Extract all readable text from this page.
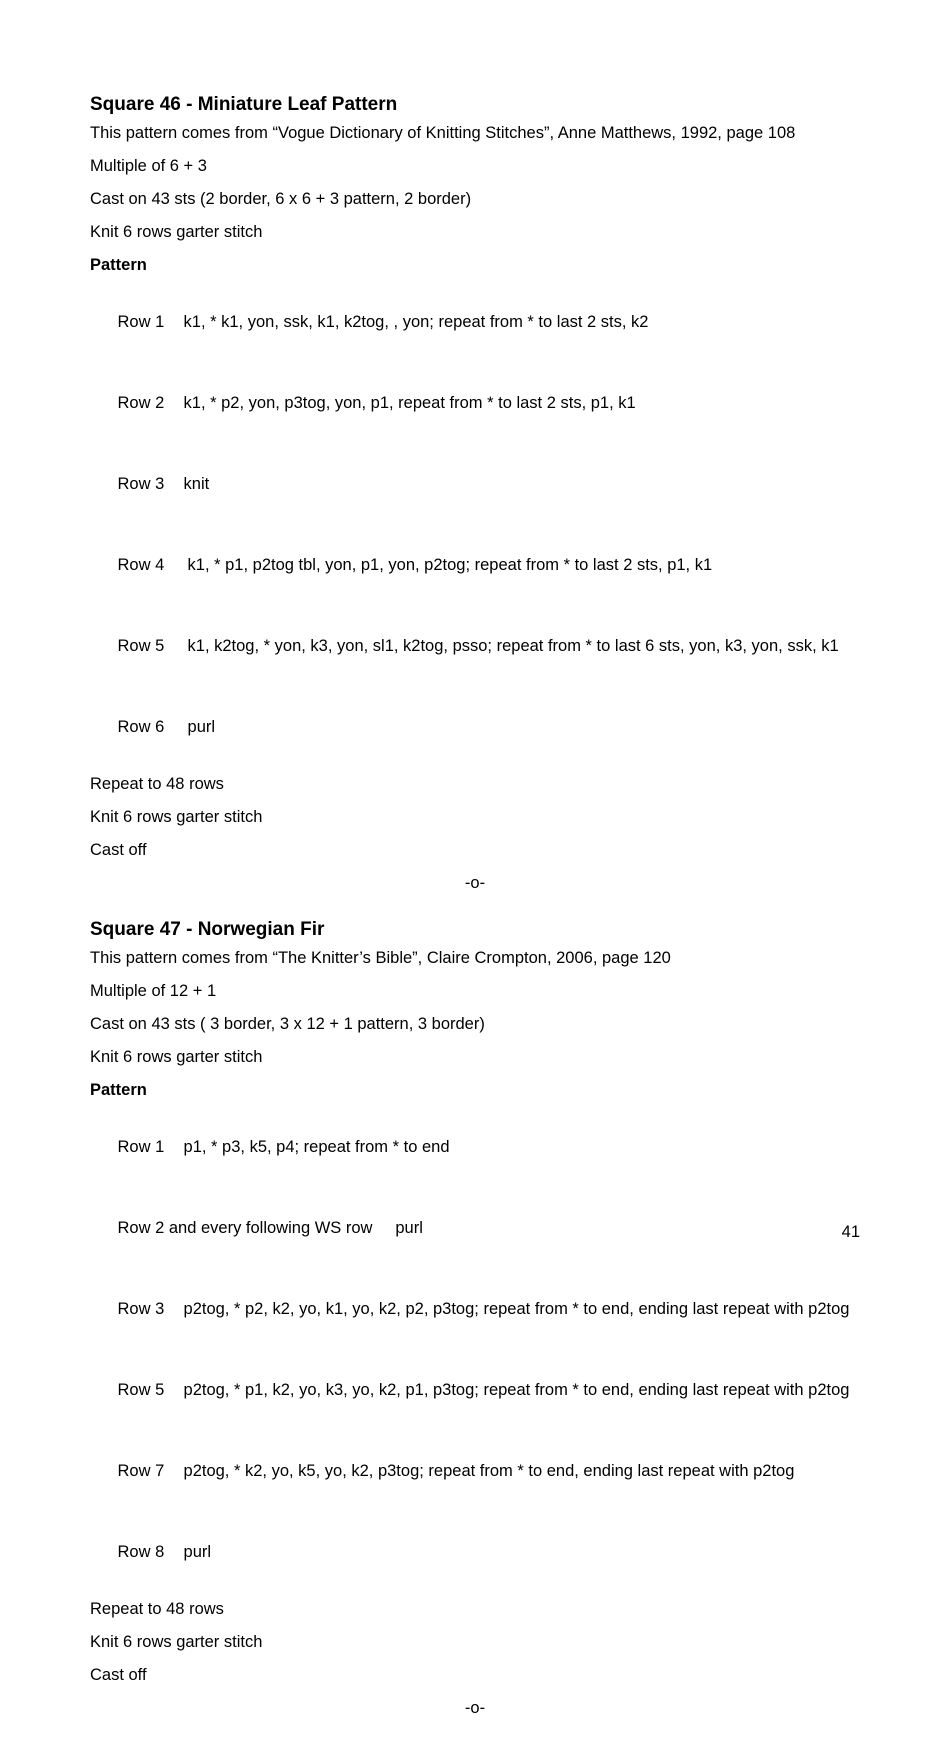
Square 46 - Miniature Leaf Pattern

This pattern comes from “Vogue Dictionary of Knitting Stitches”, Anne Matthews, 1992, page 108

Multiple of 6 + 3

Cast on 43 sts (2 border, 6 x 6 + 3 pattern, 2 border)

Knit 6 rows garter stitch

Pattern

Row 1 k1, * k1, yon, ssk, k1, k2tog, , yon; repeat from * to last 2 sts, k2

Row 2 k1, * p2, yon, p3tog, yon, p1, repeat from * to last 2 sts, p1, k1

Row 3 knit

Row 4 k1, * p1, p2tog tbl, yon, p1, yon, p2tog; repeat from * to last 2 sts, p1, k1

Row 5 k1, k2tog, * yon, k3, yon, sl1, k2tog, psso; repeat from * to last 6 sts, yon, k3, yon, ssk, k1

Row 6 purl

Repeat to 48 rows

Knit 6 rows garter stitch

Cast off

-o-
Square 47 - Norwegian Fir

This pattern comes from “The Knitter’s Bible”, Claire Crompton, 2006, page 120

Multiple of 12 + 1

Cast on 43 sts ( 3 border, 3 x 12 + 1 pattern, 3 border)

Knit 6 rows garter stitch

Pattern

Row 1 p1, * p3, k5, p4; repeat from * to end

Row 2 and every following WS row purl

Row 3 p2tog, * p2, k2, yo, k1, yo, k2, p2, p3tog; repeat from * to end, ending last repeat with p2tog

Row 5 p2tog, * p1, k2, yo, k3, yo, k2, p1, p3tog; repeat from * to end, ending last repeat with p2tog

Row 7 p2tog, * k2, yo, k5, yo, k2, p3tog; repeat from * to end, ending last repeat with p2tog

Row 8 purl

Repeat to 48 rows

Knit 6 rows garter stitch

Cast off

-o-
41
